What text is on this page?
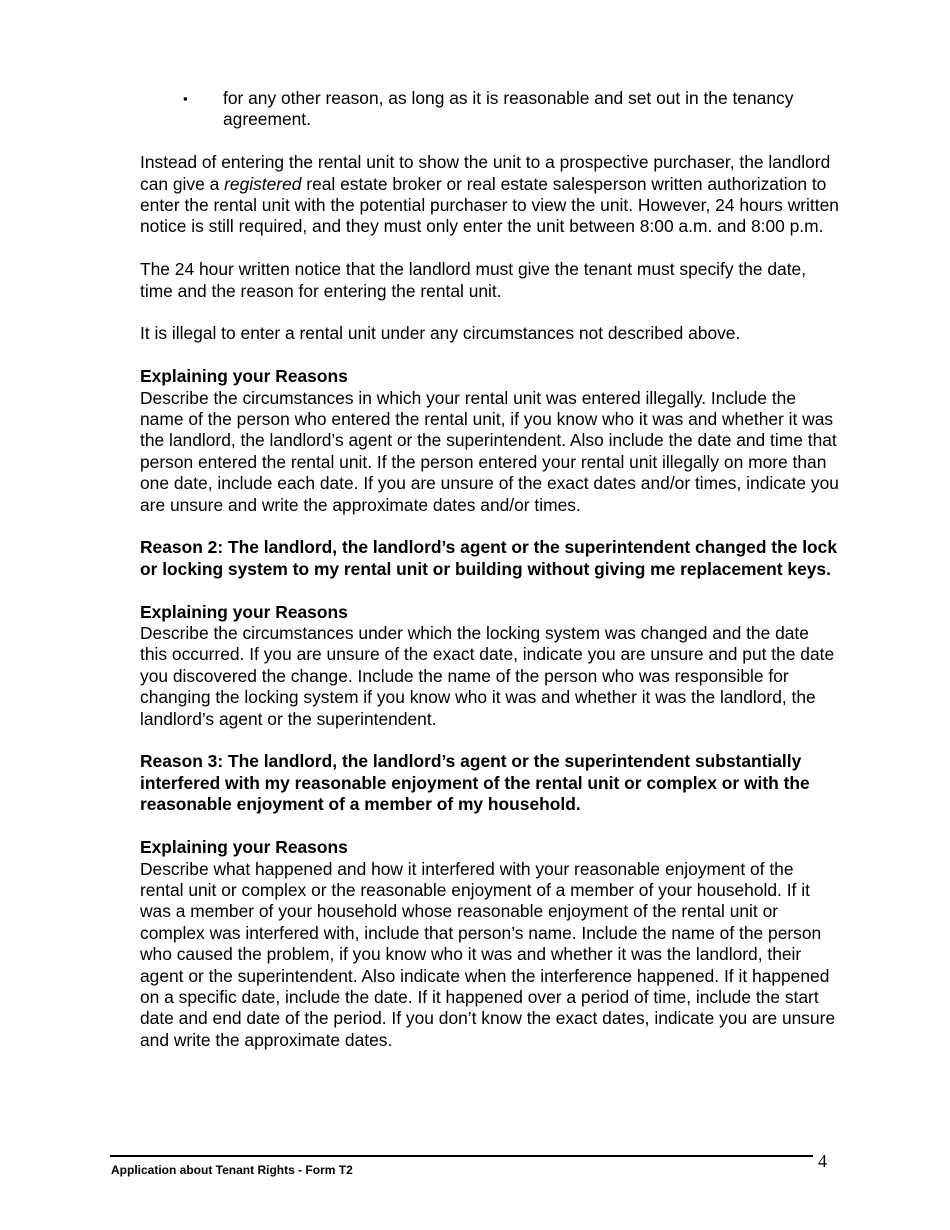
▪ for any other reason, as long as it is reasonable and set out in the tenancy agreement.

Instead of entering the rental unit to show the unit to a prospective purchaser, the landlord can give a registered real estate broker or real estate salesperson written authorization to enter the rental unit with the potential purchaser to view the unit. However, 24 hours written notice is still required, and they must only enter the unit between 8:00 a.m. and 8:00 p.m.

The 24 hour written notice that the landlord must give the tenant must specify the date, time and the reason for entering the rental unit.

It is illegal to enter a rental unit under any circumstances not described above.

Explaining your Reasons

Describe the circumstances in which your rental unit was entered illegally. Include the name of the person who entered the rental unit, if you know who it was and whether it was the landlord, the landlord’s agent or the superintendent. Also include the date and time that person entered the rental unit. If the person entered your rental unit illegally on more than one date, include each date. If you are unsure of the exact dates and/or times, indicate you are unsure and write the approximate dates and/or times.

Reason 2: The landlord, the landlord’s agent or the superintendent changed the lock or locking system to my rental unit or building without giving me replacement keys.

Explaining your Reasons

Describe the circumstances under which the locking system was changed and the date this occurred. If you are unsure of the exact date, indicate you are unsure and put the date you discovered the change. Include the name of the person who was responsible for changing the locking system if you know who it was and whether it was the landlord, the landlord’s agent or the superintendent.

Reason 3: The landlord, the landlord’s agent or the superintendent substantially interfered with my reasonable enjoyment of the rental unit or complex or with the reasonable enjoyment of a member of my household.

Explaining your Reasons

Describe what happened and how it interfered with your reasonable enjoyment of the rental unit or complex or the reasonable enjoyment of a member of your household. If it was a member of your household whose reasonable enjoyment of the rental unit or complex was interfered with, include that person’s name. Include the name of the person who caused the problem, if you know who it was and whether it was the landlord, their agent or the superintendent. Also indicate when the interference happened. If it happened on a specific date, include the date. If it happened over a period of time, include the start date and end date of the period. If you don’t know the exact dates, indicate you are unsure and write the approximate dates.

4
Application about Tenant Rights - Form T2
